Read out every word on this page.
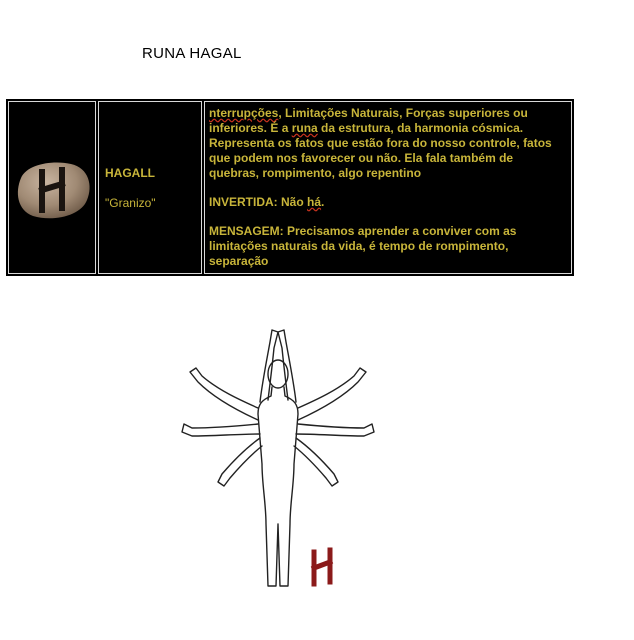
RUNA HAGAL
HAGALL
"Granizo"

nterrupções, Limitações Naturais, Forças superiores ou inferiores. É a runa da estrutura, da harmonia cósmica. Representa os fatos que estão fora do nosso controle, fatos que podem nos favorecer ou não. Ela fala também de quebras, rompimento, algo repentino

INVERTIDA: Não há.

MENSAGEM: Precisamos aprender a conviver com as limitações naturais da vida, é tempo de rompimento, separação
